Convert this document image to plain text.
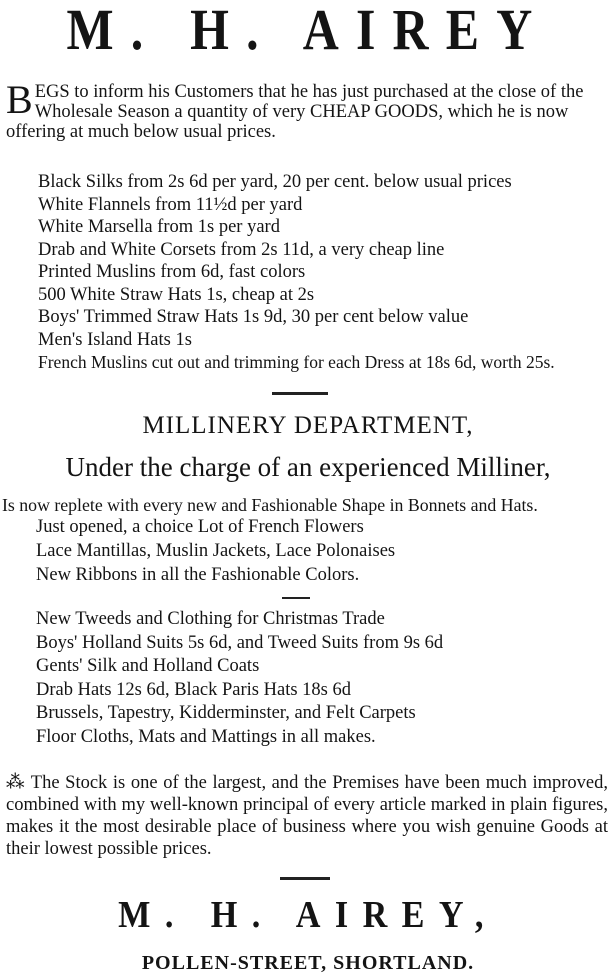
M. H. AIREY
BEGS to inform his Customers that he has just purchased at the close of the Wholesale Season a quantity of very CHEAP GOODS, which he is now offering at much below usual prices.
Black Silks from 2s 6d per yard, 20 per cent. below usual prices
White Flannels from 11½d per yard
White Marsella from 1s per yard
Drab and White Corsets from 2s 11d, a very cheap line
Printed Muslins from 6d, fast colors
500 White Straw Hats 1s, cheap at 2s
Boys' Trimmed Straw Hats 1s 9d, 30 per cent below value
Men's Island Hats 1s
French Muslins cut out and trimming for each Dress at 18s 6d, worth 25s.
MILLINERY DEPARTMENT,
Under the charge of an experienced Milliner,
Is now replete with every new and Fashionable Shape in Bonnets and Hats.
Just opened, a choice Lot of French Flowers
Lace Mantillas, Muslin Jackets, Lace Polonaises
New Ribbons in all the Fashionable Colors.
New Tweeds and Clothing for Christmas Trade
Boys' Holland Suits 5s 6d, and Tweed Suits from 9s 6d
Gents' Silk and Holland Coats
Drab Hats 12s 6d, Black Paris Hats 18s 6d
Brussels, Tapestry, Kidderminster, and Felt Carpets
Floor Cloths, Mats and Mattings in all makes.
⁂ The Stock is one of the largest, and the Premises have been much improved, combined with my well-known principal of every article marked in plain figures, makes it the most desirable place of business where you wish genuine Goods at their lowest possible prices.
M. H. AIREY,
POLLEN-STREET, SHORTLAND.
